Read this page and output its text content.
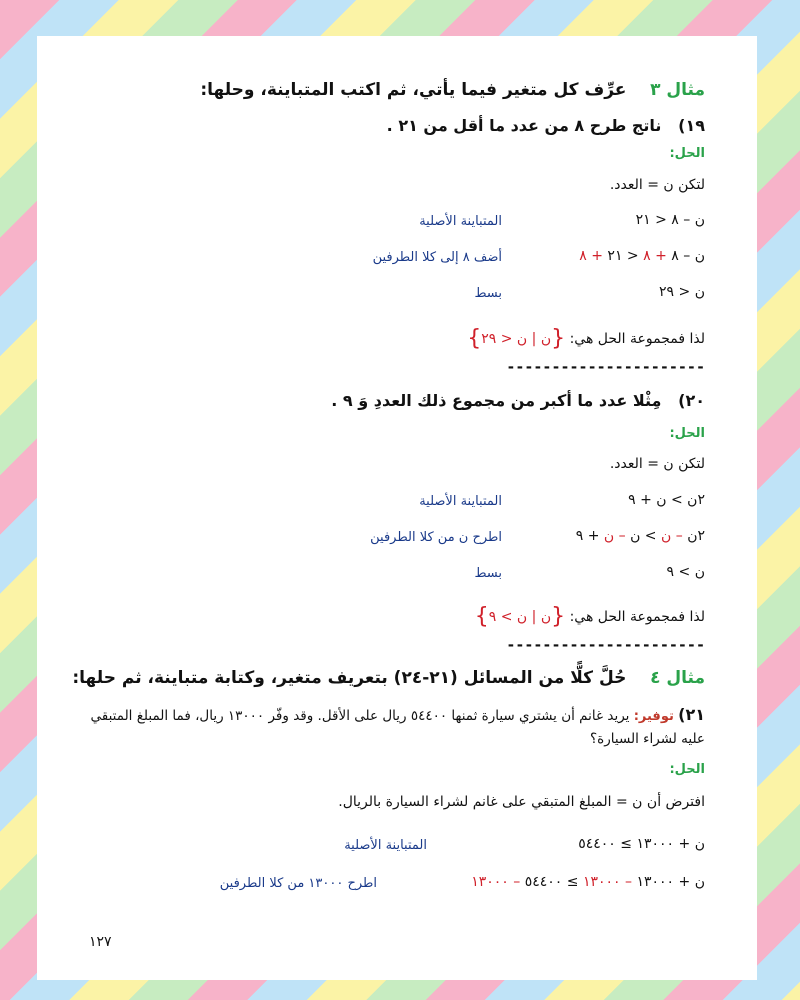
مثال ٣    عرِّف كل متغير فيما يأتي، ثم اكتب المتباينة، وحلها:
١٩)   ناتج طرح ٨ من عدد ما أقل من ٢١ .
الحل:
لتكن ن = العدد.
ن – ٨ < ٢١
المتباينة الأصلية
ن – ٨ + ٨ < ٢١ + ٨
أضف ٨ إلى كلا الطرفين
ن < ٢٩
بسط
لذا فمجموعة الحل هي: {ن | ن < ٢٩}
----------------------
٢٠)   مِثْلا عدد ما أكبر من مجموع ذلك العددِ وَ ٩ .
الحل:
لتكن ن = العدد.
٢ن > ن + ٩
المتباينة الأصلية
٢ن – ن > ن – ن + ٩
اطرح ن من كلا الطرفين
ن > ٩
بسط
لذا فمجموعة الحل هي: {ن | ن > ٩}
----------------------
مثال ٤    حُلَّ كلًّا من المسائل (٢١-٢٤) بتعريف متغير، وكتابة متباينة، ثم حلها:
٢١) توفير: يريد غانم أن يشتري سيارة ثمنها ٥٤٤٠٠ ريال على الأقل. وقد وفّر ١٣٠٠٠ ريال، فما المبلغ المتبقي عليه لشراء السيارة؟
الحل:
افترض أن ن = المبلغ المتبقي على غانم لشراء السيارة بالريال.
ن + ١٣٠٠٠ ≥ ٥٤٤٠٠
المتباينة الأصلية
ن + ١٣٠٠٠ – ١٣٠٠٠ ≥ ٥٤٤٠٠ – ١٣٠٠٠
اطرح ١٣٠٠٠ من كلا الطرفين
١٢٧
